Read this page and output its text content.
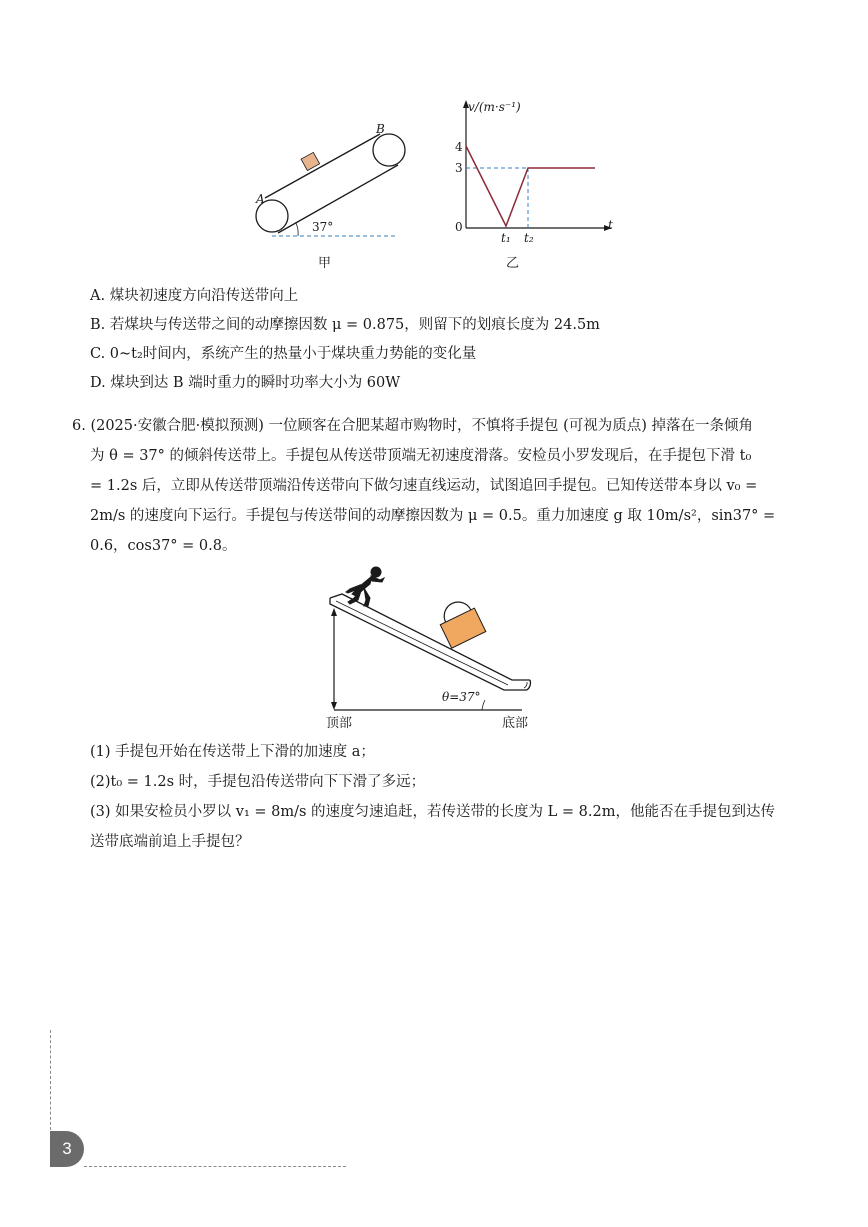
A
B
37°
甲
v/(m·s⁻¹)
t
4
3
0
t₁ t₂
乙
A. 煤块初速度方向沿传送带向上
B. 若煤块与传送带之间的动摩擦因数 μ = 0.875，则留下的划痕长度为 24.5m
C. 0~t₂时间内，系统产生的热量小于煤块重力势能的变化量
D. 煤块到达 B 端时重力的瞬时功率大小为 60W
6. (2025·安徽合肥·模拟预测) 一位顾客在合肥某超市购物时，不慎将手提包 (可视为质点) 掉落在一条倾角
为 θ = 37° 的倾斜传送带上。手提包从传送带顶端无初速度滑落。安检员小罗发现后，在手提包下滑 t₀
= 1.2s 后，立即从传送带顶端沿传送带向下做匀速直线运动，试图追回手提包。已知传送带本身以 v₀ =
2m/s 的速度向下运行。手提包与传送带间的动摩擦因数为 μ = 0.5。重力加速度 g 取 10m/s²，sin37° =
0.6，cos37° = 0.8。
顶部	底部
θ=37°
(1) 手提包开始在传送带上下滑的加速度 a；
(2)t₀ = 1.2s 时，手提包沿传送带向下下滑了多远；
(3) 如果安检员小罗以 v₁ = 8m/s 的速度匀速追赶，若传送带的长度为 L = 8.2m，他能否在手提包到达传
送带底端前追上手提包？
3
